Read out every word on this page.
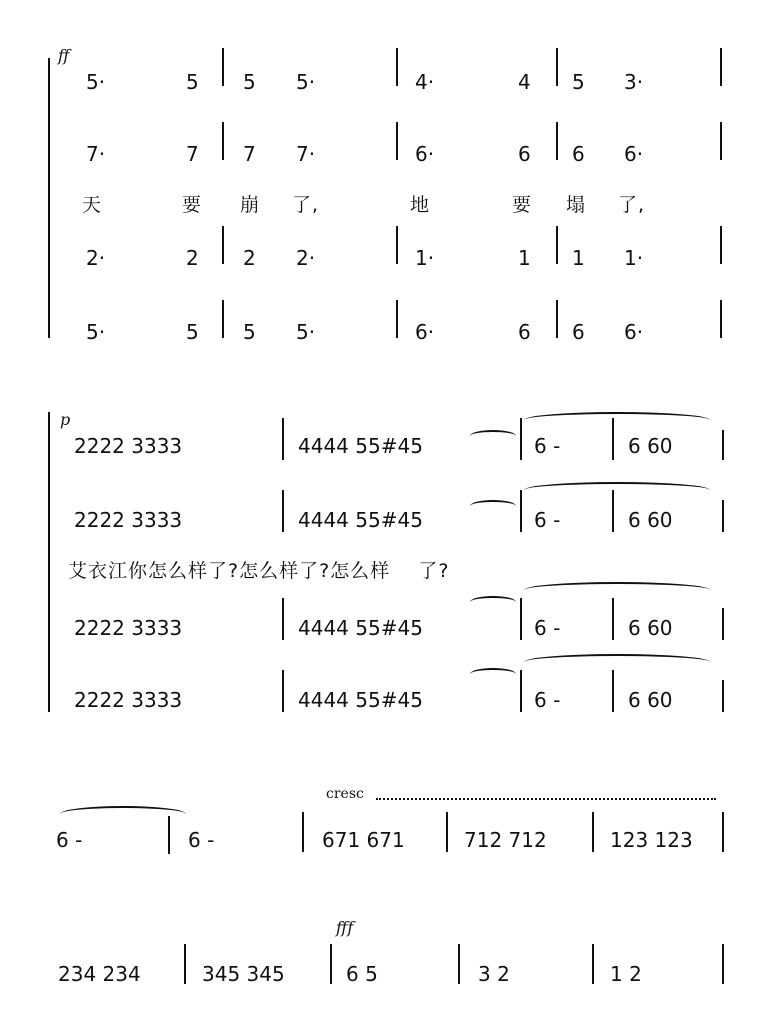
ff
5·	5 5 5·	4·	4 5 3·
7·	7 7 7·	6·	6 6 6·
天	要 崩 了,	地	要 塌 了,
2·	2 2 2·	1·	1 1 1·
5·	5 5 5·	6·	6 6 6·
p
2222 3333	4444 55#45	6 -	6 60
2222 3333	4444 55#45	6 -	6 60
艾衣江你怎么样了?怎么样了?怎么样    了?
2222 3333	4444 55#45	6 -	6 60
2222 3333	4444 55#45	6 -	6 60
cresc
6 -	6 -	671 671	712 712	123 123
fff
234 234	345 345	6 5	3 2	1 2
